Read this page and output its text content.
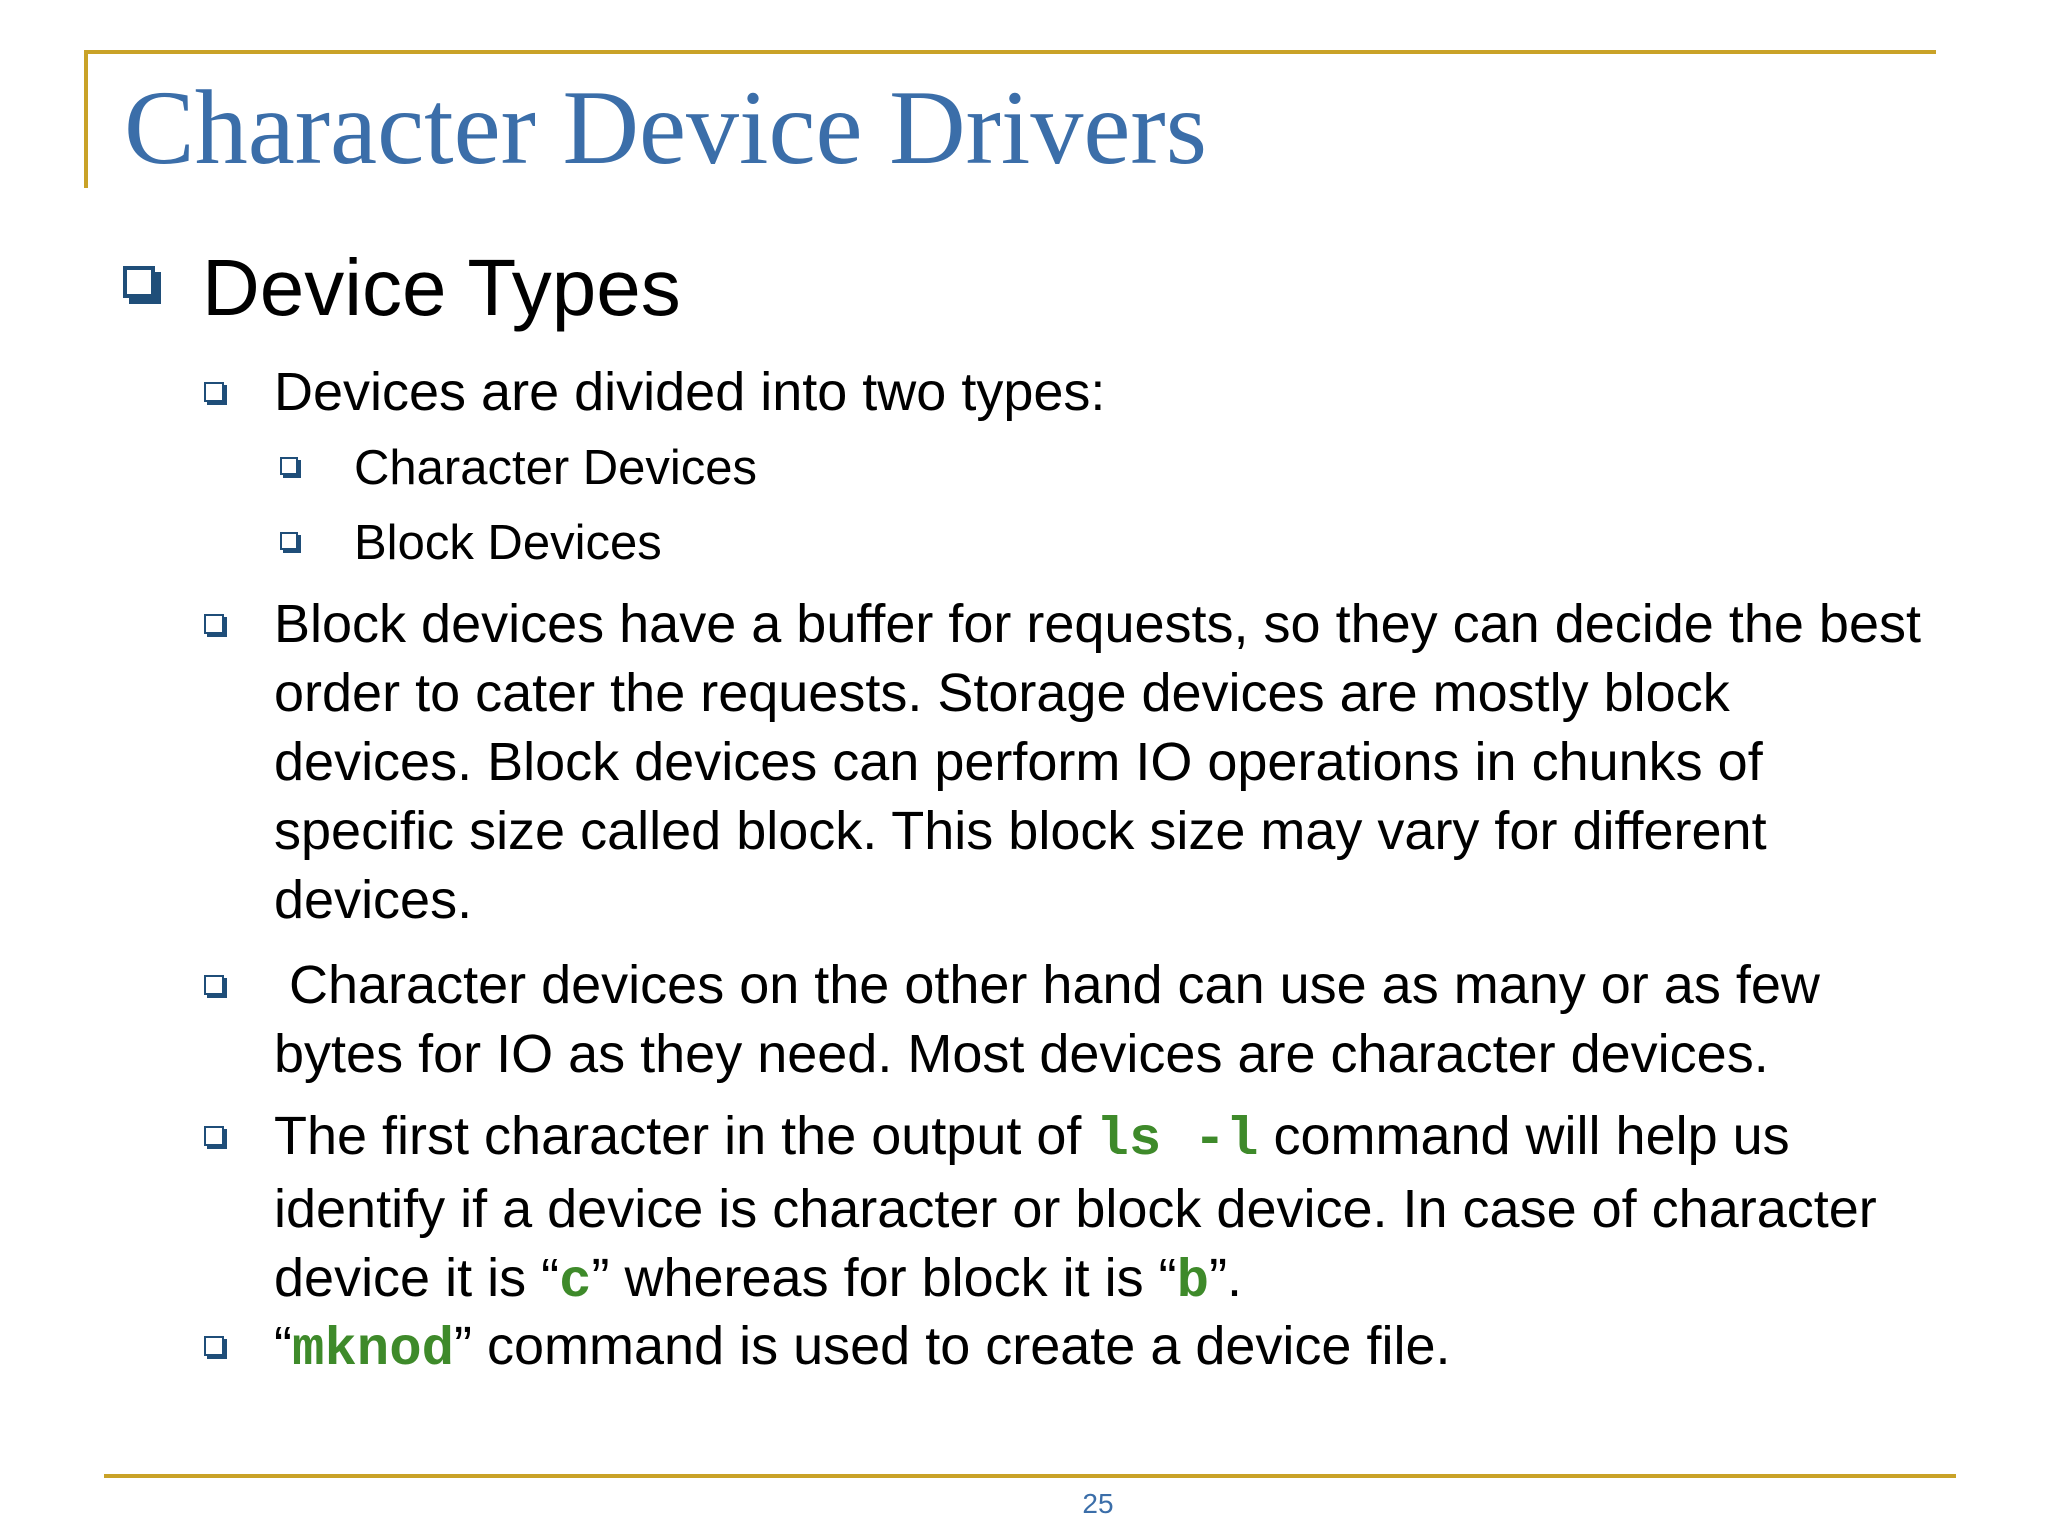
Character Device Drivers
Device Types
Devices are divided into two types:
Character Devices
Block Devices
Block devices have a buffer for requests, so they can decide the best order to cater the requests. Storage devices are mostly block devices. Block devices can perform IO operations in chunks of specific size called block. This block size may vary for different devices.
Character devices on the other hand can use as many or as few bytes for IO as they need. Most devices are character devices.
The first character in the output of ls -l command will help us identify if a device is character or block device. In case of character device it is “c” whereas for block it is “b”.
“mknod” command is used to create a device file.
25
